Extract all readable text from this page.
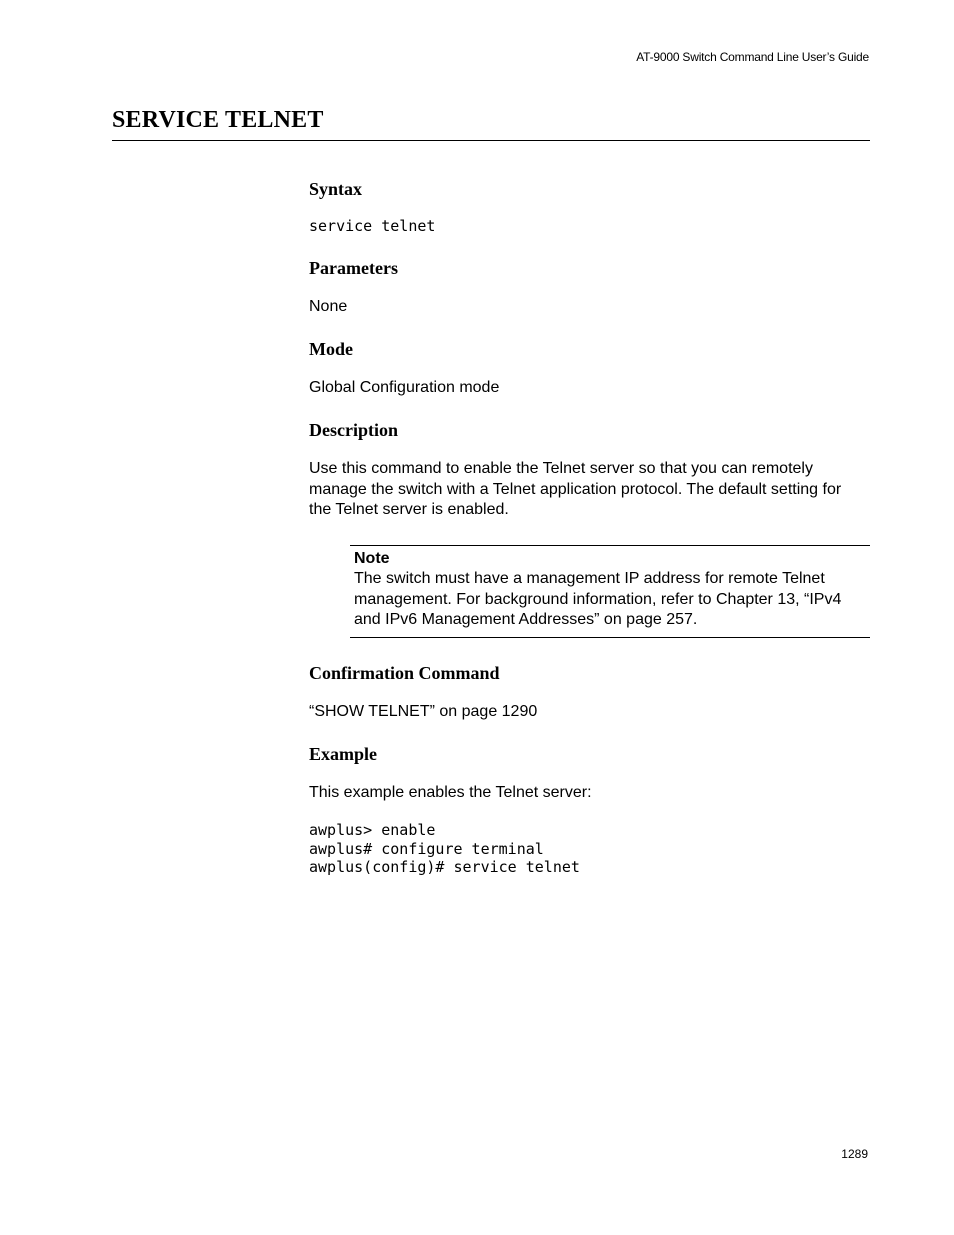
AT-9000 Switch Command Line User’s Guide
SERVICE TELNET
Syntax
service telnet
Parameters

None

Mode

Global Configuration mode

Description

Use this command to enable the Telnet server so that you can remotely manage the switch with a Telnet application protocol. The default setting for the Telnet server is enabled.

Note

The switch must have a management IP address for remote Telnet management. For background information, refer to Chapter 13, “IPv4 and IPv6 Management Addresses” on page 257.

Confirmation Command

“SHOW TELNET” on page 1290

Example

This example enables the Telnet server:

awplus> enable
awplus# configure terminal
awplus(config)# service telnet
1289
